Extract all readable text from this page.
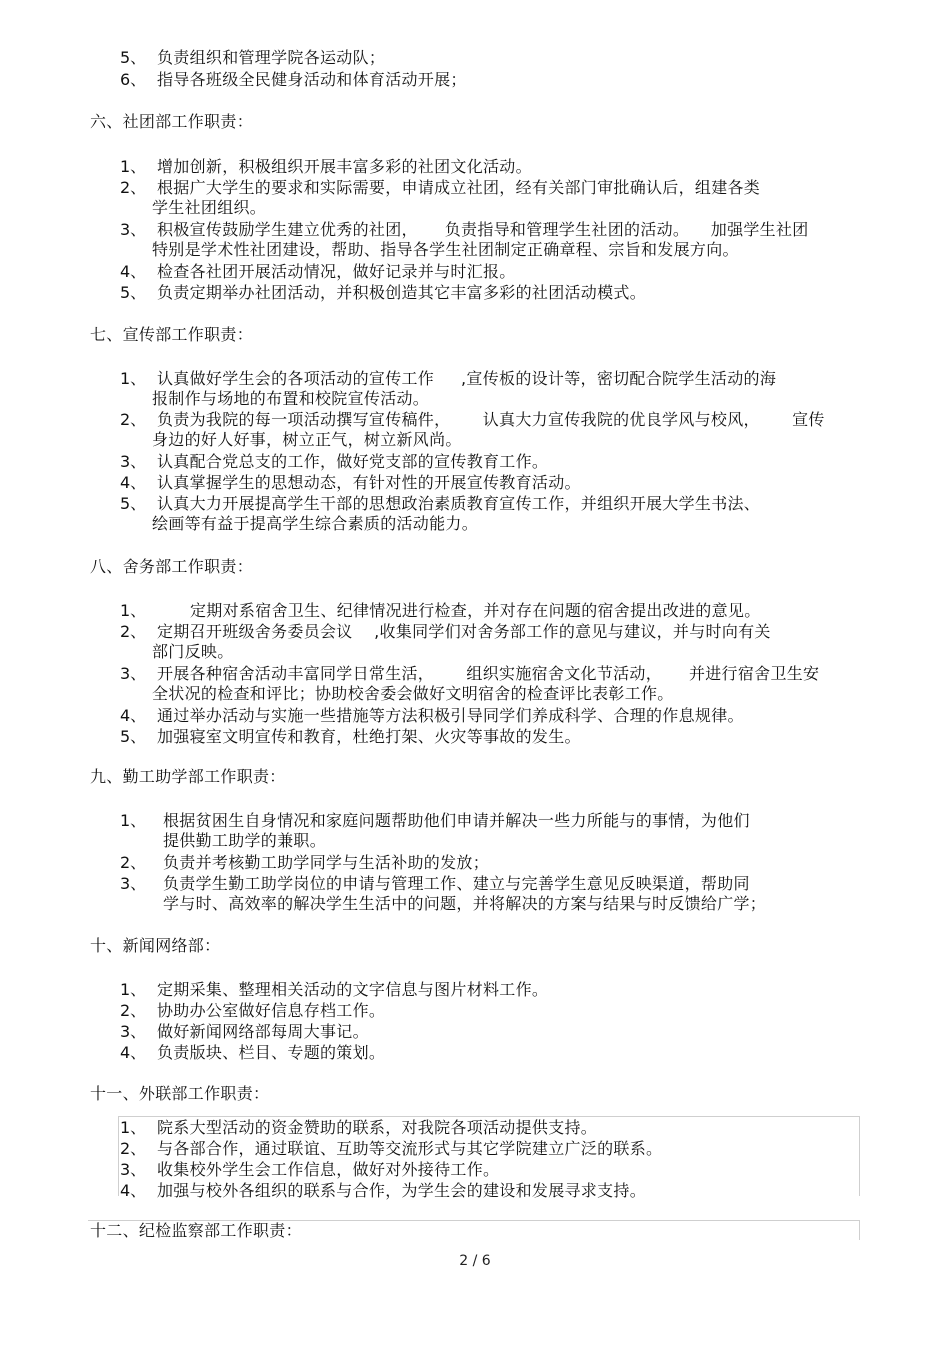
5、 负责组织和管理学院各运动队；
6、 指导各班级全民健身活动和体育活动开展；
六、社团部工作职责：
1、 增加创新，积极组织开展丰富多彩的社团文化活动。
2、 根据广大学生的要求和实际需要，申请成立社团，经有关部门审批确认后，组建各类
学生社团组织。
3、 积极宣传鼓励学生建立优秀的社团，     负责指导和管理学生社团的活动。    加强学生社团
特别是学术性社团建设，帮助、指导各学生社团制定正确章程、宗旨和发展方向。
4、 检查各社团开展活动情况，做好记录并与时汇报。
5、 负责定期举办社团活动，并积极创造其它丰富多彩的社团活动模式。
七、宣传部工作职责：
1、 认真做好学生会的各项活动的宣传工作     ,宣传板的设计等，密切配合院学生活动的海
报制作与场地的布置和校院宣传活动。
2、 负责为我院的每一项活动撰写宣传稿件，      认真大力宣传我院的优良学风与校风，      宣传
身边的好人好事，树立正气，树立新风尚。
3、 认真配合党总支的工作，做好党支部的宣传教育工作。
4、 认真掌握学生的思想动态，有针对性的开展宣传教育活动。
5、 认真大力开展提高学生干部的思想政治素质教育宣传工作，并组织开展大学生书法、
绘画等有益于提高学生综合素质的活动能力。
八、舍务部工作职责：
1、	定期对系宿舍卫生、纪律情况进行检查，并对存在问题的宿舍提出改进的意见。
2、 定期召开班级舍务委员会议    ,收集同学们对舍务部工作的意见与建议，并与时向有关
部门反映。
3、 开展各种宿舍活动丰富同学日常生活，      组织实施宿舍文化节活动，     并进行宿舍卫生安
全状况的检查和评比；协助校舍委会做好文明宿舍的检查评比表彰工作。
4、 通过举办活动与实施一些措施等方法积极引导同学们养成科学、合理的作息规律。
5、 加强寝室文明宣传和教育，杜绝打架、火灾等事故的发生。
九、勤工助学部工作职责：
1、 根据贫困生自身情况和家庭问题帮助他们申请并解决一些力所能与的事情，为他们
提供勤工助学的兼职。
2、 负责并考核勤工助学同学与生活补助的发放；
3、 负责学生勤工助学岗位的申请与管理工作、建立与完善学生意见反映渠道，帮助同
学与时、高效率的解决学生生活中的问题，并将解决的方案与结果与时反馈给广学；
十、新闻网络部：
1、 定期采集、整理相关活动的文字信息与图片材料工作。
2、 协助办公室做好信息存档工作。
3、 做好新闻网络部每周大事记。
4、 负责版块、栏目、专题的策划。
十一、外联部工作职责：
1、 院系大型活动的资金赞助的联系，对我院各项活动提供支持。
2、 与各部合作，通过联谊、互助等交流形式与其它学院建立广泛的联系。
3、 收集校外学生会工作信息，做好对外接待工作。
4、 加强与校外各组织的联系与合作，为学生会的建设和发展寻求支持。
十二、纪检监察部工作职责：
2 / 6
